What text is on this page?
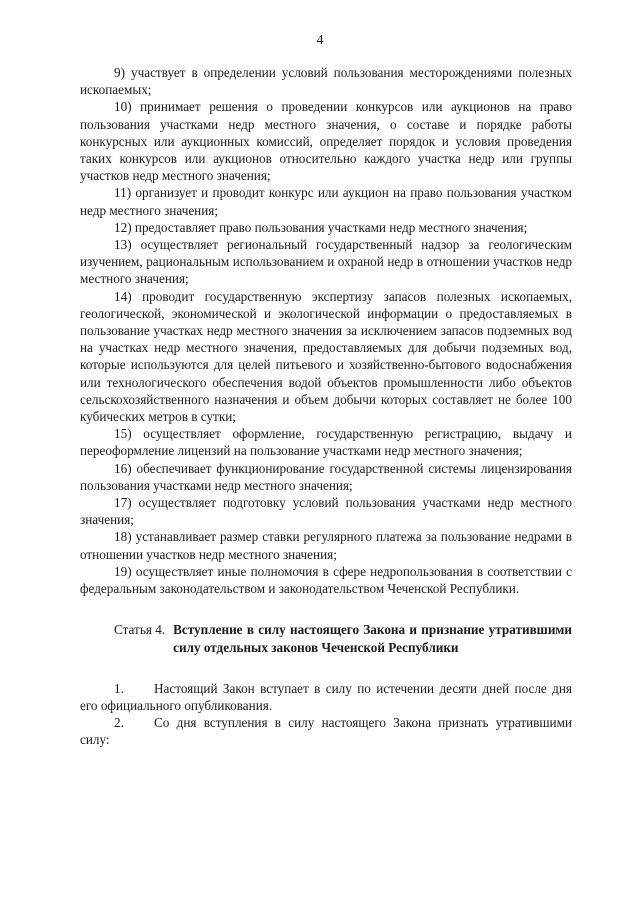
4

9) участвует в определении условий пользования месторождениями полезных ископаемых;

10) принимает решения о проведении конкурсов или аукционов на право пользования участками недр местного значения, о составе и порядке работы конкурсных или аукционных комиссий, определяет порядок и условия проведения таких конкурсов или аукционов относительно каждого участка недр или группы участков недр местного значения;

11) организует и проводит конкурс или аукцион на право пользования участком недр местного значения;

12) предоставляет право пользования участками недр местного значения;

13) осуществляет региональный государственный надзор за геологическим изучением, рациональным использованием и охраной недр в отношении участков недр местного значения;

14) проводит государственную экспертизу запасов полезных ископаемых, геологической, экономической и экологической информации о предоставляемых в пользование участках недр местного значения за исключением запасов подземных вод на участках недр местного значения, предоставляемых для добычи подземных вод, которые используются для целей питьевого и хозяйственно-бытового водоснабжения или технологического обеспечения водой объектов промышленности либо объектов сельскохозяйственного назначения и объем добычи которых составляет не более 100 кубических метров в сутки;

15) осуществляет оформление, государственную регистрацию, выдачу и переоформление лицензий на пользование участками недр местного значения;

16) обеспечивает функционирование государственной системы лицензирования пользования участками недр местного значения;

17) осуществляет подготовку условий пользования участками недр местного значения;

18) устанавливает размер ставки регулярного платежа за пользование недрами в отношении участков недр местного значения;

19) осуществляет иные полномочия в сфере недропользования в соответствии с федеральным законодательством и законодательством Чеченской Республики.

Статья 4. Вступление в силу настоящего Закона и признание утратившими силу отдельных законов Чеченской Республики

1. Настоящий Закон вступает в силу по истечении десяти дней после дня его официального опубликования.

2. Со дня вступления в силу настоящего Закона признать утратившими силу:
